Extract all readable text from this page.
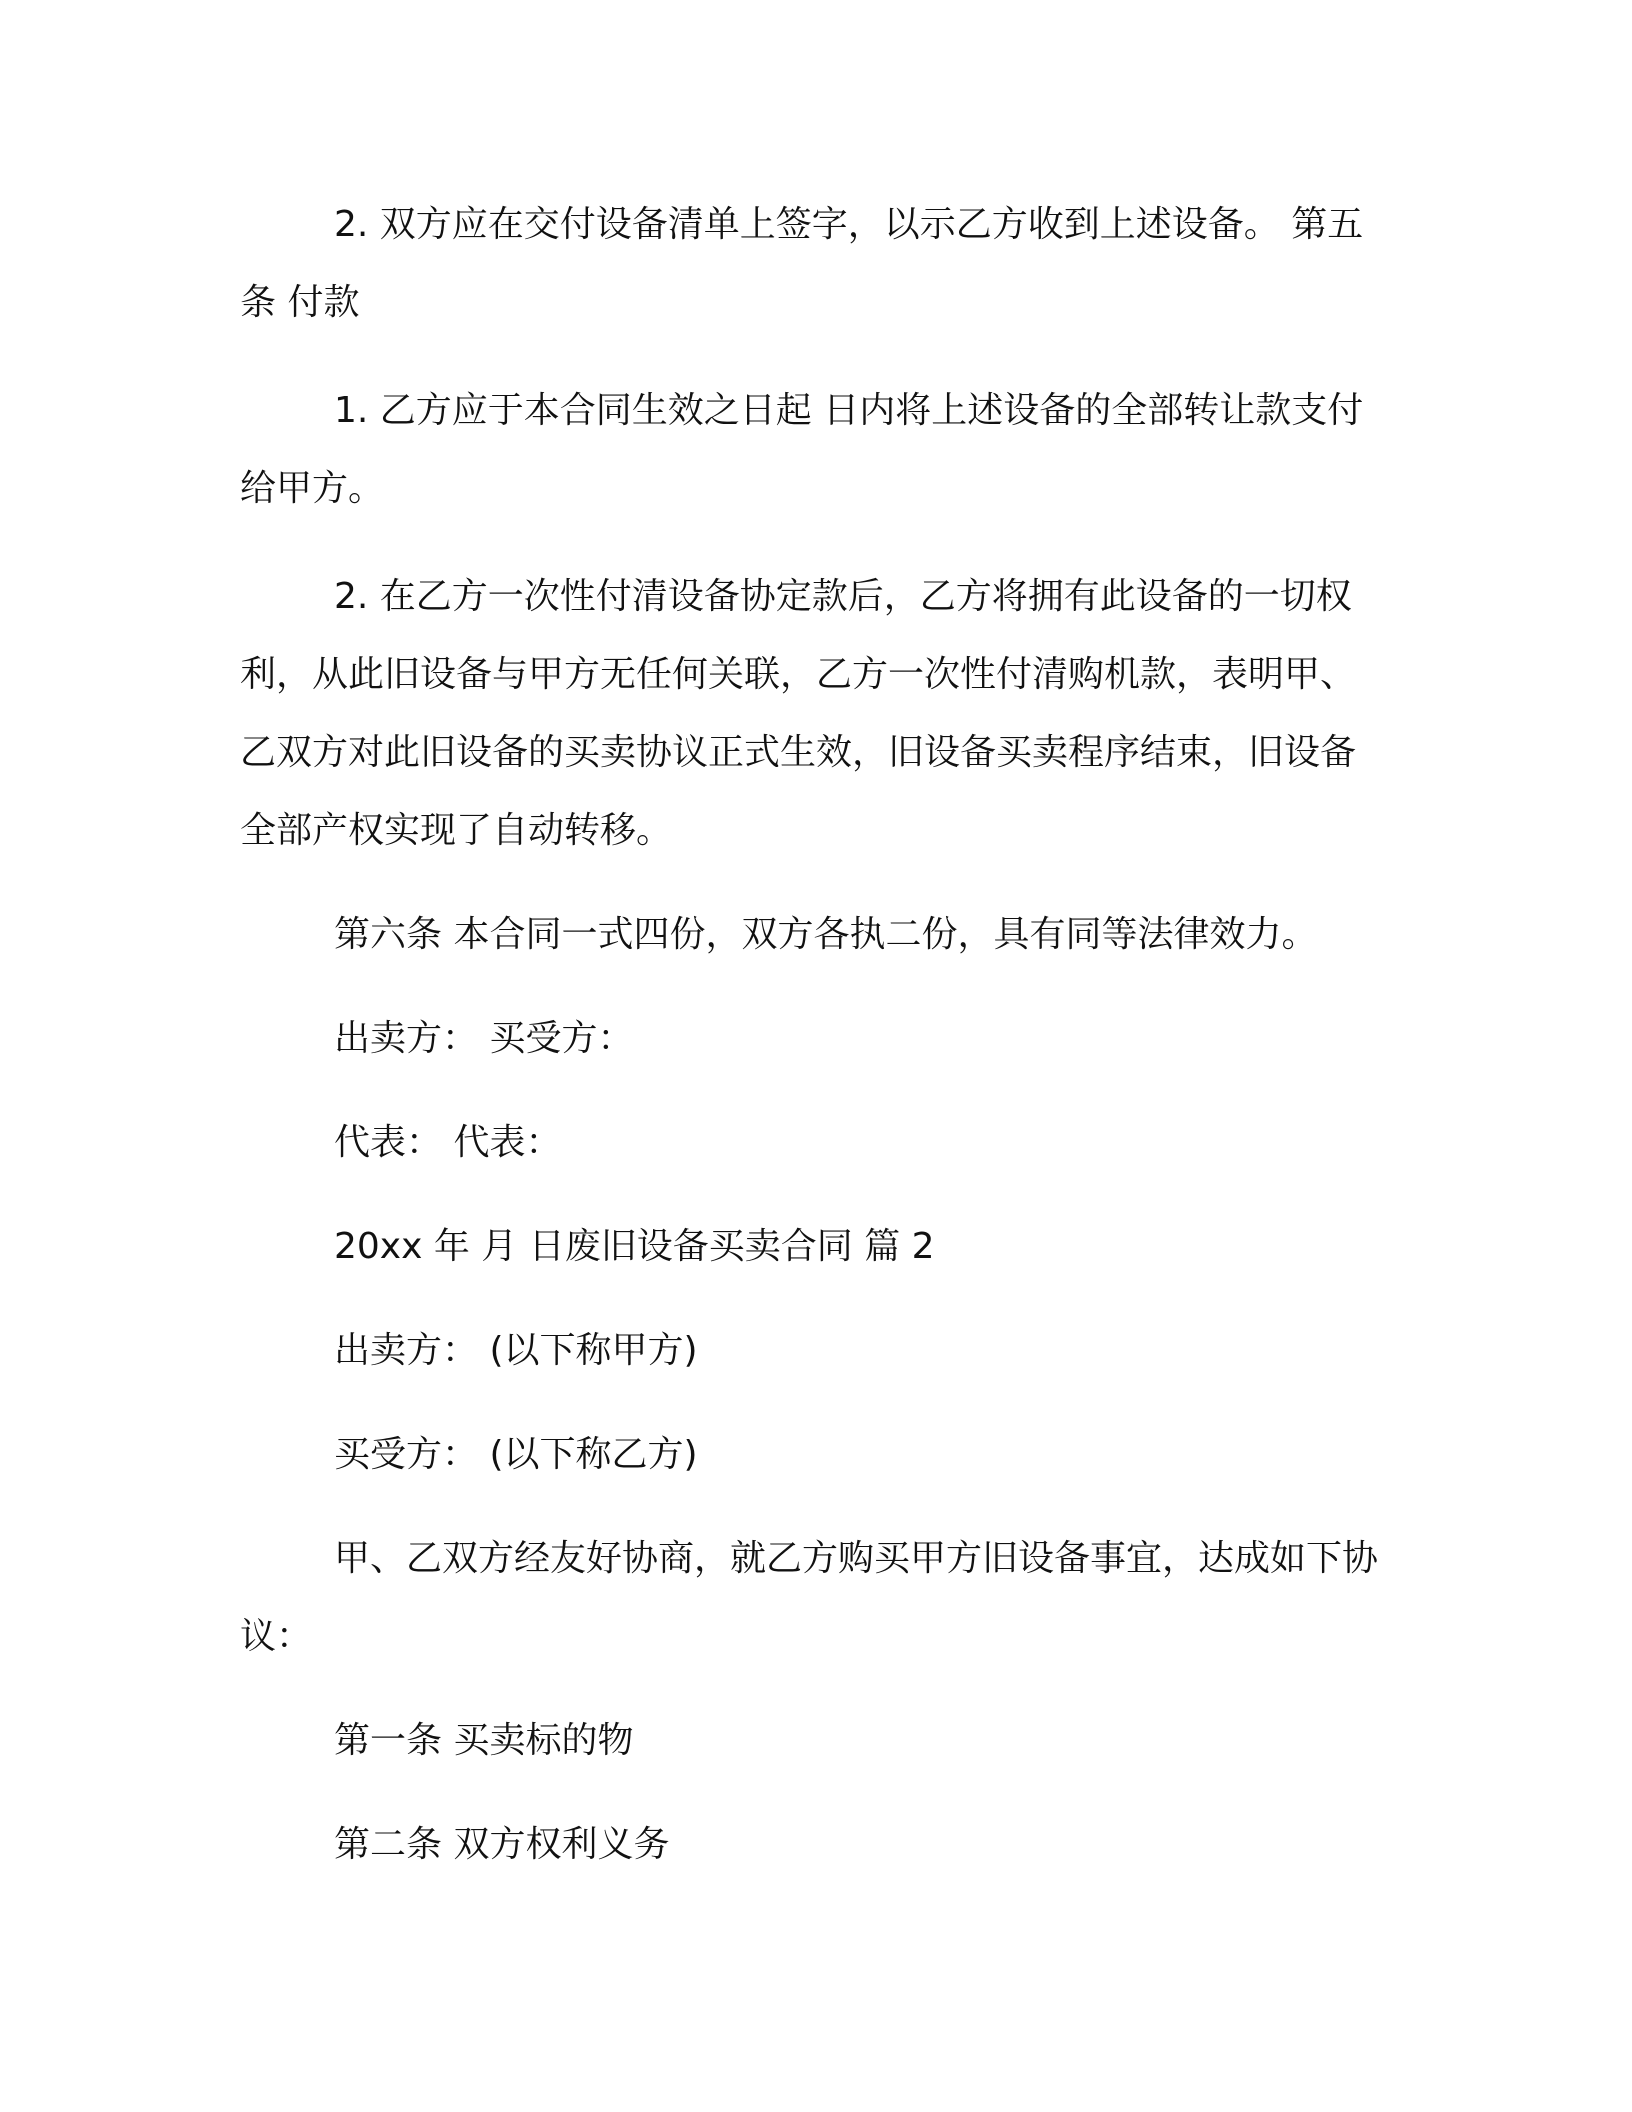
2. 双方应在交付设备清单上签字，以示乙方收到上述设备。 第五条 付款

1. 乙方应于本合同生效之日起 日内将上述设备的全部转让款支付给甲方。

2. 在乙方一次性付清设备协定款后，乙方将拥有此设备的一切权利，从此旧设备与甲方无任何关联，乙方一次性付清购机款，表明甲、乙双方对此旧设备的买卖协议正式生效，旧设备买卖程序结束，旧设备全部产权实现了自动转移。

第六条 本合同一式四份，双方各执二份，具有同等法律效力。

出卖方： 买受方：

代表： 代表：

20xx 年 月 日废旧设备买卖合同 篇 2

出卖方： (以下称甲方)

买受方： (以下称乙方)

甲、乙双方经友好协商，就乙方购买甲方旧设备事宜，达成如下协议：

第一条 买卖标的物

第二条 双方权利义务
